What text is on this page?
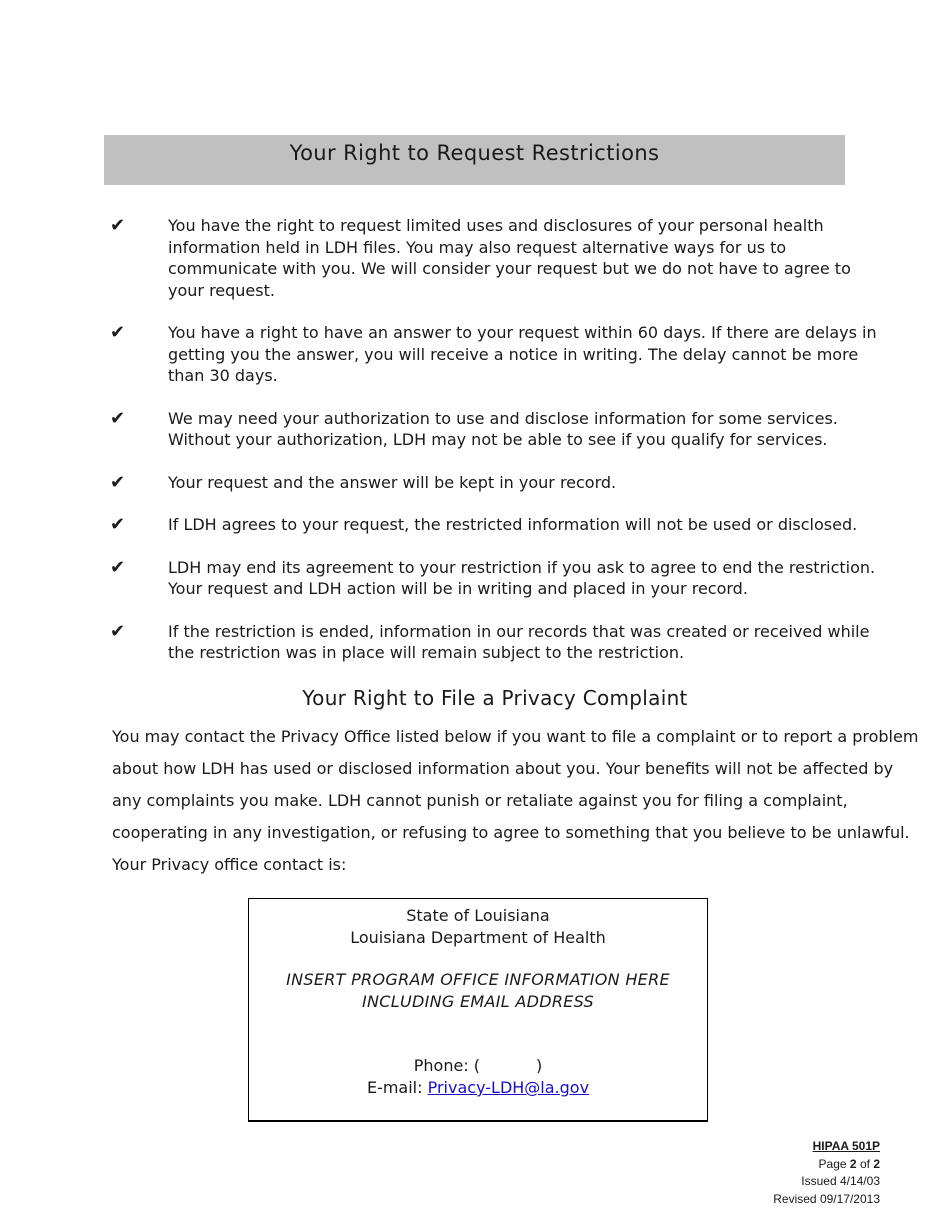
Your Right to Request Restrictions
✔	You have the right to request limited uses and disclosures of your personal health information held in LDH files. You may also request alternative ways for us to communicate with you. We will consider your request but we do not have to agree to your request.
✔	You have a right to have an answer to your request within 60 days. If there are delays in getting you the answer, you will receive a notice in writing. The delay cannot be more than 30 days.
✔	We may need your authorization to use and disclose information for some services. Without your authorization, LDH may not be able to see if you qualify for services.
✔	Your request and the answer will be kept in your record.
✔	If LDH agrees to your request, the restricted information will not be used or disclosed.
✔	LDH may end its agreement to your restriction if you ask to agree to end the restriction. Your request and LDH action will be in writing and placed in your record.
✔	If the restriction is ended, information in our records that was created or received while the restriction was in place will remain subject to the restriction.
Your Right to File a Privacy Complaint
You may contact the Privacy Office listed below if you want to file a complaint or to report a problem
about how LDH has used or disclosed information about you. Your benefits will not be affected by
any complaints you make. LDH cannot punish or retaliate against you for filing a complaint,
cooperating in any investigation, or refusing to agree to something that you believe to be unlawful.
Your Privacy office contact is:
State of Louisiana
Louisiana Department of Health
INSERT PROGRAM OFFICE INFORMATION HERE
INCLUDING EMAIL ADDRESS
Phone: (	)
E-mail: Privacy-LDH@la.gov
HIPAA 501P
Page 2 of 2
Issued 4/14/03
Revised 09/17/2013
